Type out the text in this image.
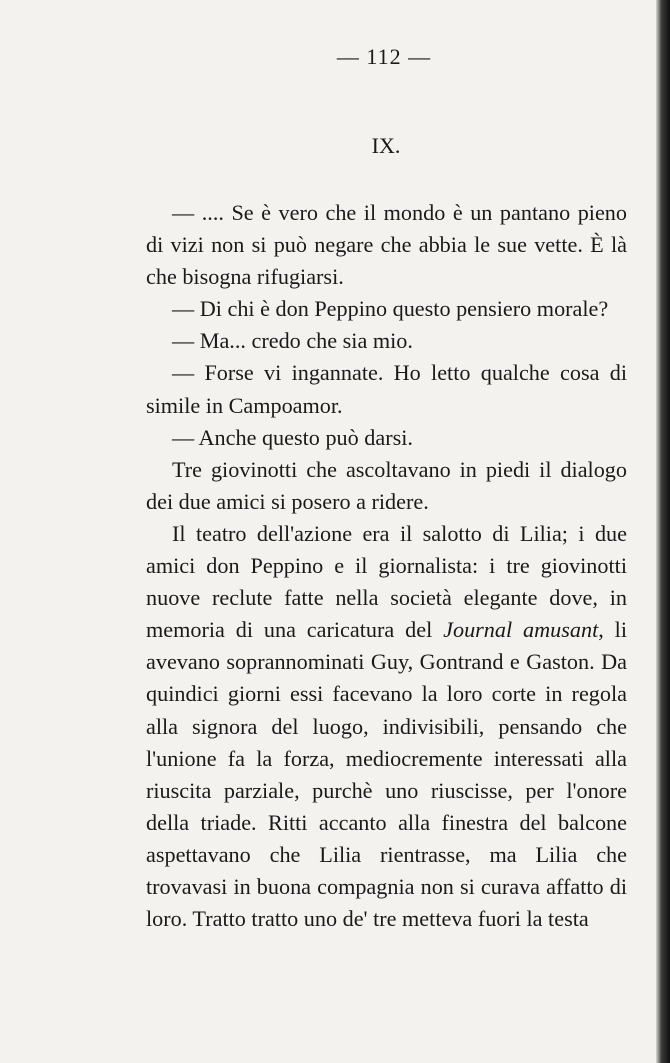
— 112 —
IX.

— .... Se è vero che il mondo è un pantano pieno di vizi non si può negare che abbia le sue vette. È là che bisogna rifugiarsi.

— Di chi è don Peppino questo pensiero morale?

— Ma... credo che sia mio.

— Forse vi ingannate. Ho letto qualche cosa di simile in Campoamor.

— Anche questo può darsi.

Tre giovinotti che ascoltavano in piedi il dialogo dei due amici si posero a ridere.

Il teatro dell'azione era il salotto di Lilia; i due amici don Peppino e il giornalista: i tre giovinotti nuove reclute fatte nella società elegante dove, in memoria di una caricatura del Journal amusant, li avevano soprannominati Guy, Gontrand e Gaston. Da quindici giorni essi facevano la loro corte in regola alla signora del luogo, indivisibili, pensando che l'unione fa la forza, mediocremente interessati alla riuscita parziale, purchè uno riuscisse, per l'onore della triade. Ritti accanto alla finestra del balcone aspettavano che Lilia rientrasse, ma Lilia che trovavasi in buona compagnia non si curava affatto di loro. Tratto tratto uno de' tre metteva fuori la testa
